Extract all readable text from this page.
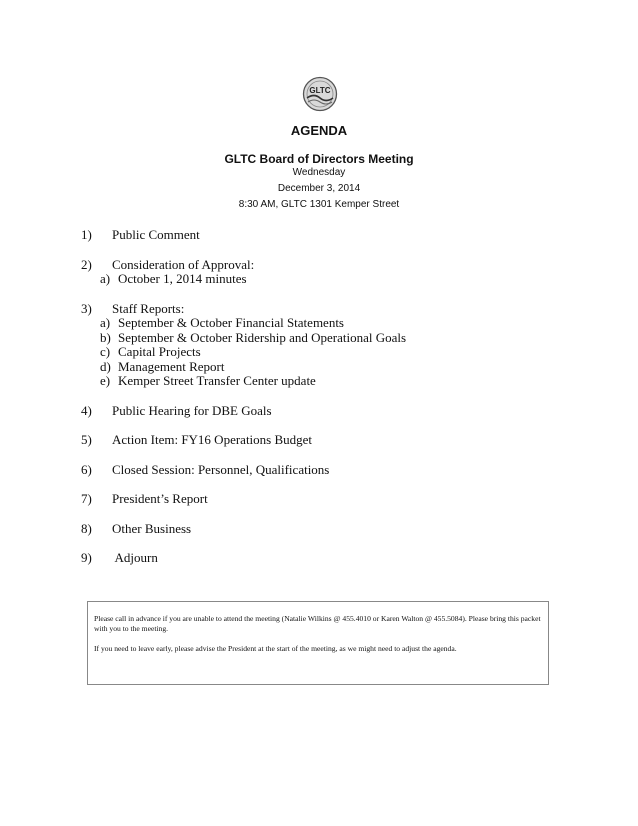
GLTC
AGENDA
GLTC Board of Directors Meeting
Wednesday
December 3, 2014
8:30 AM, GLTC 1301 Kemper Street
1) Public Comment
2) Consideration of Approval:
a) October 1, 2014 minutes
3) Staff Reports:
a) September & October Financial Statements
b) September & October Ridership and Operational Goals
c) Capital Projects
d) Management Report
e) Kemper Street Transfer Center update
4) Public Hearing for DBE Goals
5) Action Item: FY16 Operations Budget
6) Closed Session: Personnel, Qualifications
7) President’s Report
8) Other Business
9) Adjourn

Please call in advance if you are unable to attend the meeting (Natalie Wilkins @ 455.4010 or Karen Walton @ 455.5084). Please bring this packet with you to the meeting.

If you need to leave early, please advise the President at the start of the meeting, as we might need to adjust the agenda.
